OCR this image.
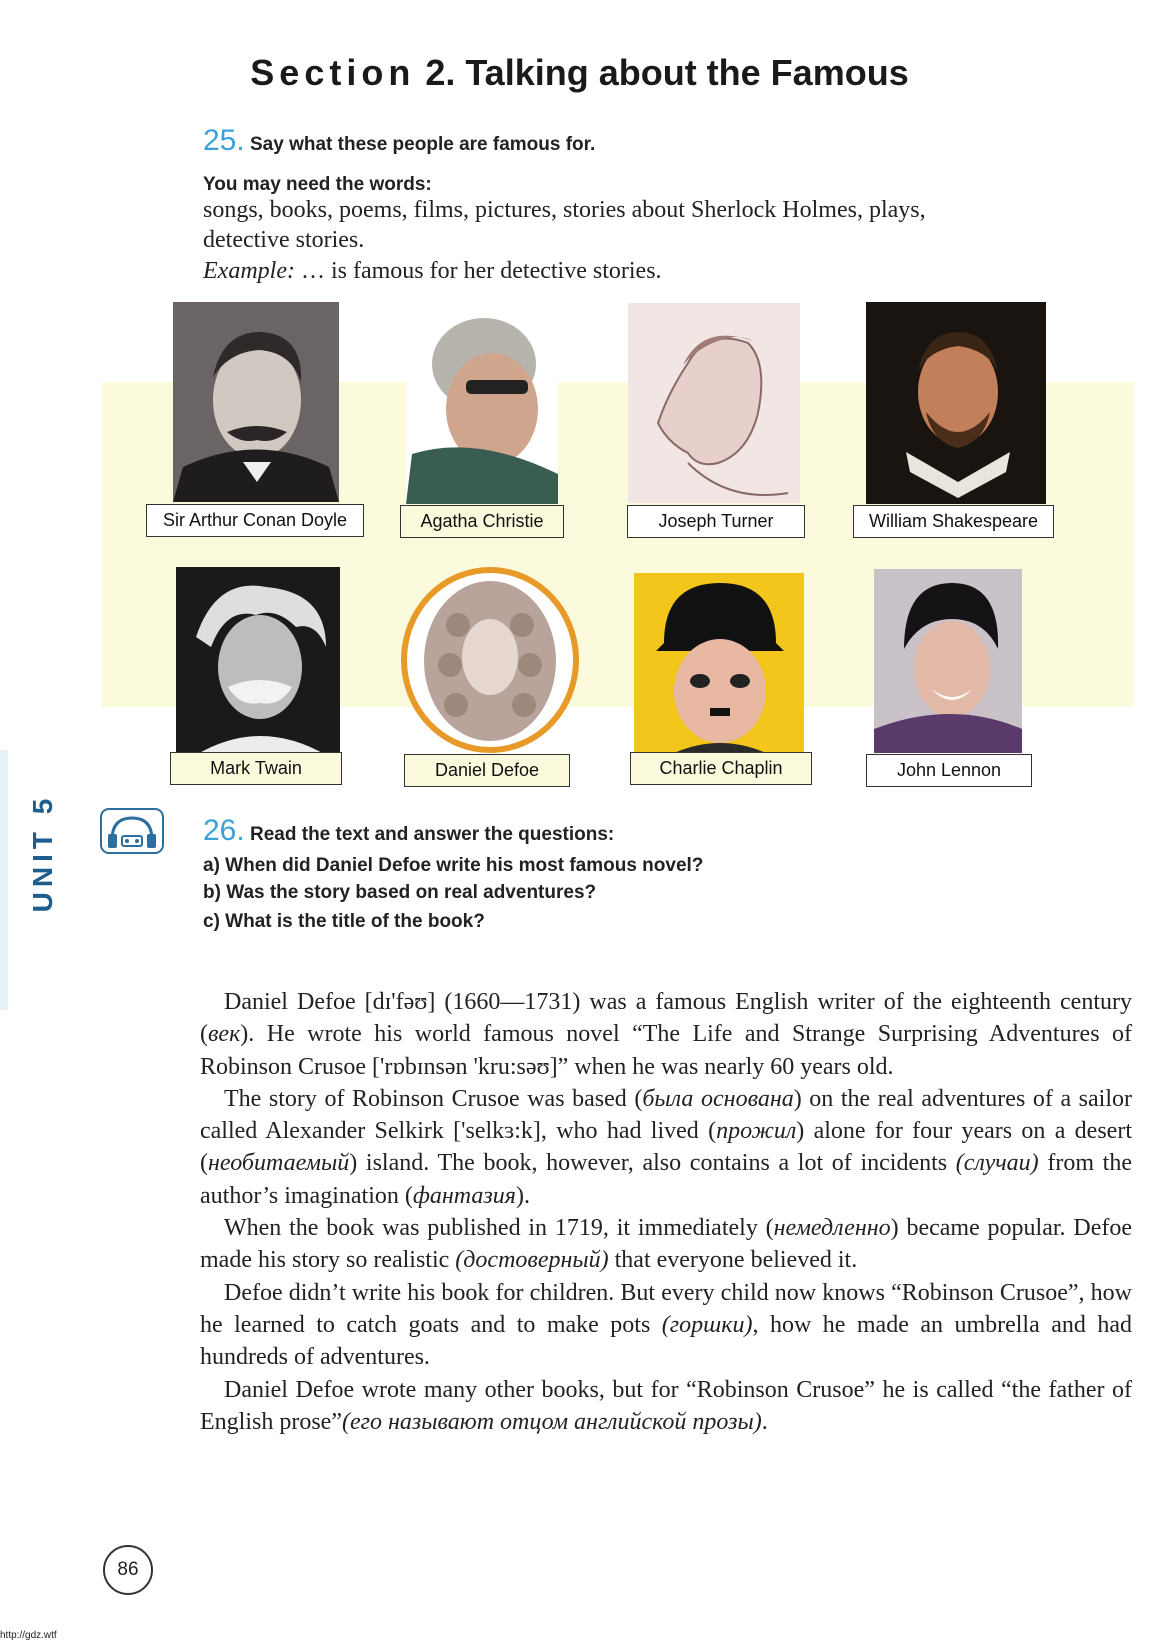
Section 2. Talking about the Famous
25. Say what these people are famous for.
You may need the words:
songs, books, poems, films, pictures, stories about Sherlock Holmes, plays,
detective stories.
Example: … is famous for her detective stories.
Sir Arthur Conan Doyle	Agatha Christie	Joseph Turner	William Shakespeare
Mark Twain	Daniel Defoe	Charlie Chaplin	John Lennon
UNIT 5	26. Read the text and answer the questions:
a) When did Daniel Defoe write his most famous novel?
b) Was the story based on real adventures?
c) What is the title of the book?

Daniel Defoe [dɪ'fəʊ] (1660—1731) was a famous English writer of the eighteenth century (век). He wrote his world famous novel “The Life and Strange Surprising Adventures of Robinson Crusoe ['rɒbɪnsən 'kru:səʊ]” when he was nearly 60 years old.

The story of Robinson Crusoe was based (была основана) on the real adventures of a sailor called Alexander Selkirk ['selkɜ:k], who had lived (прожил) alone for four years on a desert (необитаемый) island. The book, however, also contains a lot of incidents (случаи) from the author’s imagination (фантазия).

When the book was published in 1719, it immediately (немедленно) became popular. Defoe made his story so realistic (достоверный) that everyone believed it.

Defoe didn’t write his book for children. But every child now knows “Robinson Crusoe”, how he learned to catch goats and to make pots (горшки), how he made an umbrella and had hundreds of adventures.

Daniel Defoe wrote many other books, but for “Robinson Crusoe” he is called “the father of English prose”(его называют отцом английской прозы).

86
http://gdz.wtf
